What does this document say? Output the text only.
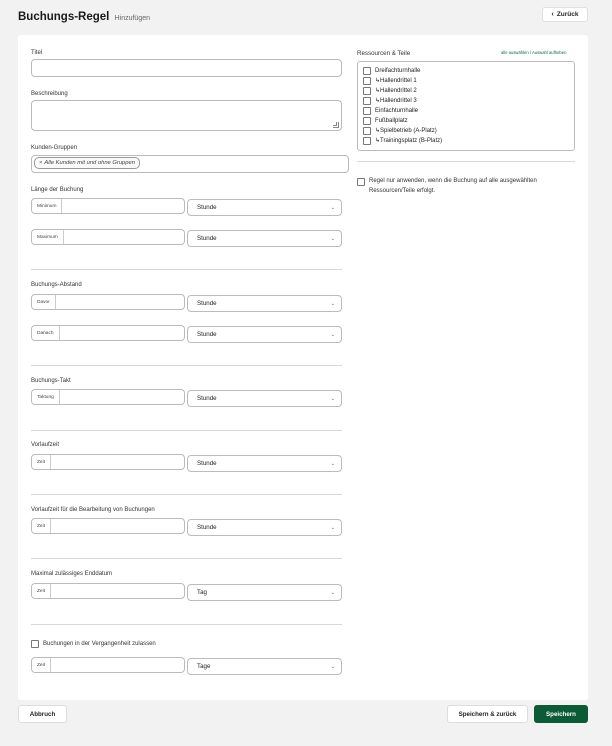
Buchungs-Regel Hinzufügen
‹ Zurück
Titel
Beschreibung
Kunden-Gruppen
× Alle Kunden mit und ohne Gruppen
Länge der Buchung
Minimum	Stunde	⌄
Maximum	Stunde	⌄
Buchungs-Abstand
Davor	Stunde	⌄
Danach	Stunde	⌄
Buchungs-Takt
Taktung	Stunde	⌄
Vorlaufzeit
Zeit	Stunde	⌄
Vorlaufzeit für die Bearbeitung von Buchungen
Zeit	Stunde	⌄
Maximal zulässiges Enddatum
Zeit	Tag	⌄
Buchungen in der Vergangenheit zulassen
Zeit	Tage	⌄
Ressourcen & Teile	alle auswählen / Auswahl aufheben
Dreifachturnhalle
↳Hallendrittel 1
↳Hallendrittel 2
↳Hallendrittel 3
Einfachturnhalle
Fußballplatz
↳Spielbetrieb (A-Platz)
↳Trainingsplatz (B-Platz)
Regel nur anwenden, wenn die Buchung auf alle ausgewählten Ressourcen/Teile erfolgt.
Abbruch	Speichern & zurück	Speichern
